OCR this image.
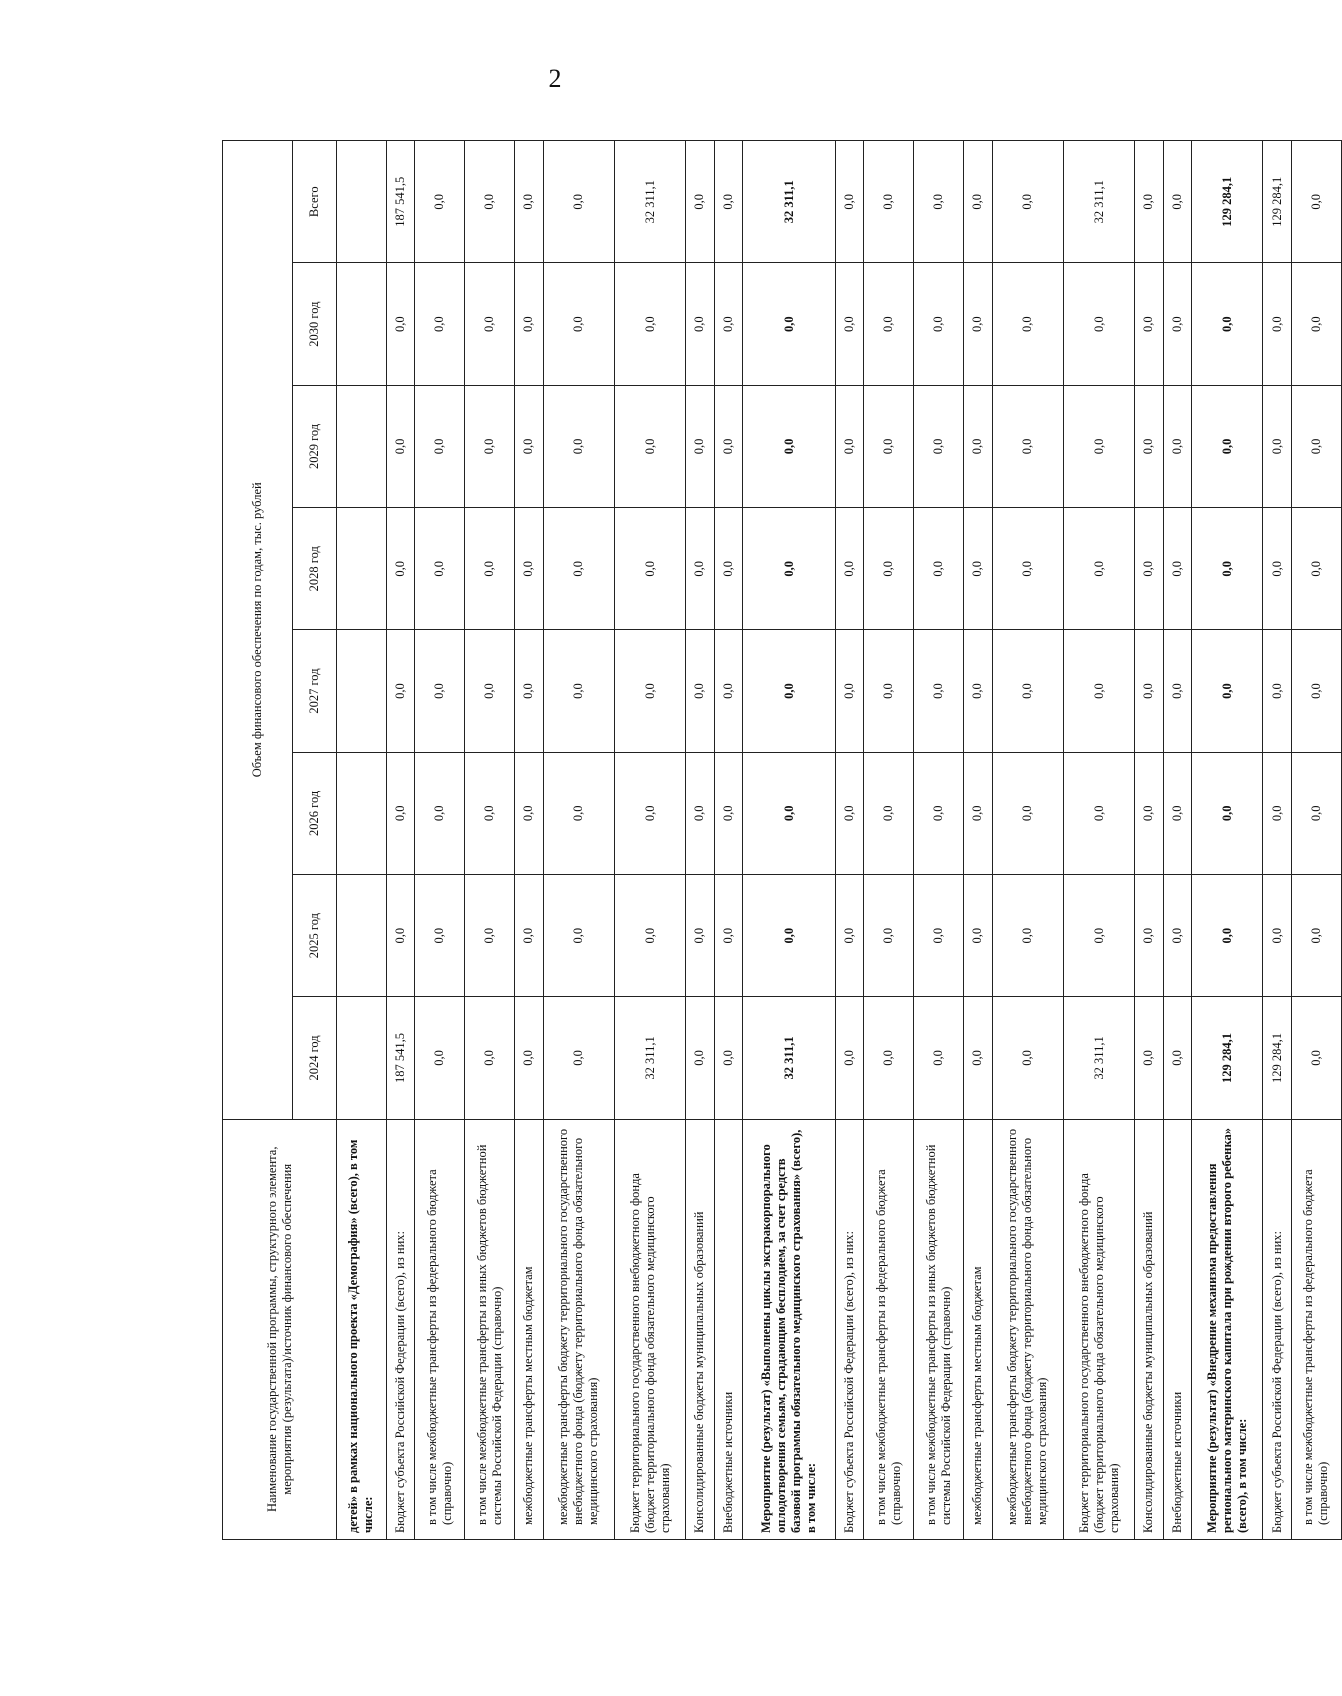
2
Наименование государственной программы, структурного элемента, мероприятия (результата)/источник финансового обеспечения	Объем финансового обеспечения по годам, тыс. рублей							
	2024 год	2025 год	2026 год	2027 год	2028 год	2029 год	2030 год	Всего
детей» в рамках национального проекта «Демография» (всего), в том числе:								
Бюджет субъекта Российской Федерации (всего), из них:	187 541,5	0,0	0,0	0,0	0,0	0,0	0,0	187 541,5
в том числе межбюджетные трансферты из федерального бюджета (справочно)	0,0	0,0	0,0	0,0	0,0	0,0	0,0	0,0
в том числе межбюджетные трансферты из иных бюджетов бюджетной системы Российской Федерации (справочно)	0,0	0,0	0,0	0,0	0,0	0,0	0,0	0,0
межбюджетные трансферты местным бюджетам	0,0	0,0	0,0	0,0	0,0	0,0	0,0	0,0
межбюджетные трансферты бюджету территориального государственного внебюджетного фонда (бюджету территориального фонда обязательного медицинского страхования)	0,0	0,0	0,0	0,0	0,0	0,0	0,0	0,0
Бюджет территориального государственного внебюджетного фонда (бюджет территориального фонда обязательного медицинского страхования)	32 311,1	0,0	0,0	0,0	0,0	0,0	0,0	32 311,1
Консолидированные бюджеты муниципальных образований	0,0	0,0	0,0	0,0	0,0	0,0	0,0	0,0
Внебюджетные источники	0,0	0,0	0,0	0,0	0,0	0,0	0,0	0,0
Мероприятие (результат) «Выполнены циклы экстракорпорального оплодотворения семьям, страдающим бесплодием, за счет средств базовой программы обязательного медицинского страхования» (всего), в том числе:	32 311,1	0,0	0,0	0,0	0,0	0,0	0,0	32 311,1
Бюджет субъекта Российской Федерации (всего), из них:	0,0	0,0	0,0	0,0	0,0	0,0	0,0	0,0
в том числе межбюджетные трансферты из федерального бюджета (справочно)	0,0	0,0	0,0	0,0	0,0	0,0	0,0	0,0
в том числе межбюджетные трансферты из иных бюджетов бюджетной системы Российской Федерации (справочно)	0,0	0,0	0,0	0,0	0,0	0,0	0,0	0,0
межбюджетные трансферты местным бюджетам	0,0	0,0	0,0	0,0	0,0	0,0	0,0	0,0
межбюджетные трансферты бюджету территориального государственного внебюджетного фонда (бюджету территориального фонда обязательного медицинского страхования)	0,0	0,0	0,0	0,0	0,0	0,0	0,0	0,0
Бюджет территориального государственного внебюджетного фонда (бюджет территориального фонда обязательного медицинского страхования)	32 311,1	0,0	0,0	0,0	0,0	0,0	0,0	32 311,1
Консолидированные бюджеты муниципальных образований	0,0	0,0	0,0	0,0	0,0	0,0	0,0	0,0
Внебюджетные источники	0,0	0,0	0,0	0,0	0,0	0,0	0,0	0,0
Мероприятие (результат) «Внедрение механизма предоставления регионального материнского капитала при рождении второго ребенка» (всего), в том числе:	129 284,1	0,0	0,0	0,0	0,0	0,0	0,0	129 284,1
Бюджет субъекта Российской Федерации (всего), из них:	129 284,1	0,0	0,0	0,0	0,0	0,0	0,0	129 284,1
в том числе межбюджетные трансферты из федерального бюджета (справочно)	0,0	0,0	0,0	0,0	0,0	0,0	0,0	0,0
